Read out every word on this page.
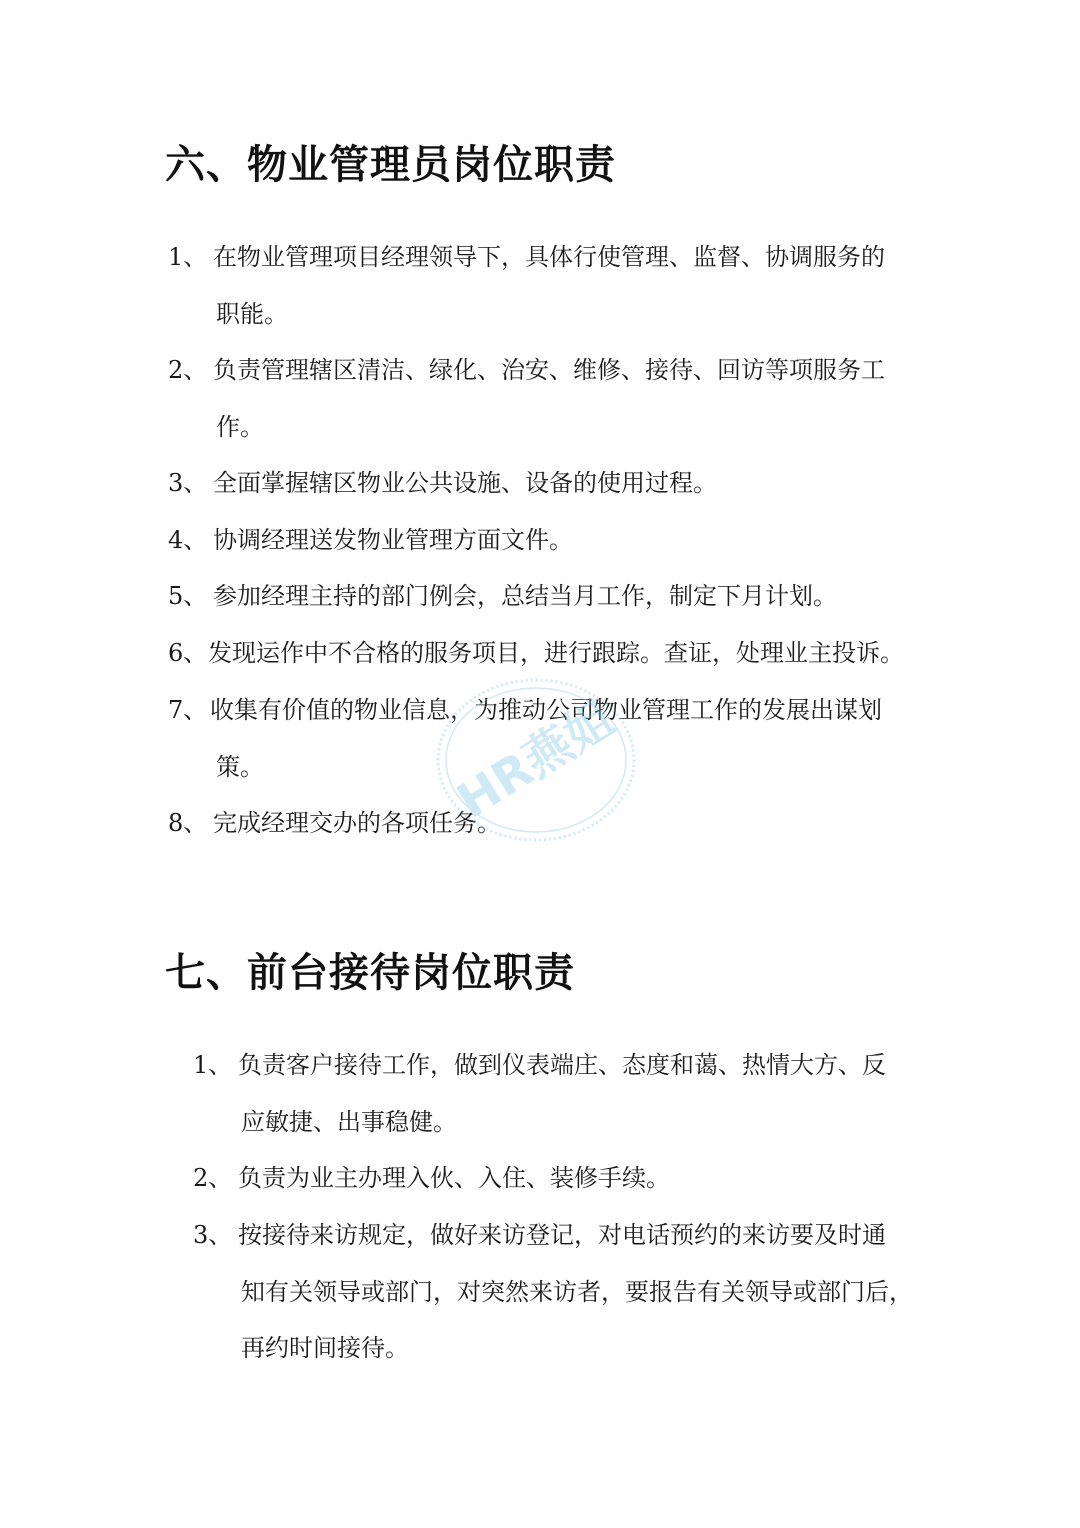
六、物业管理员岗位职责
1、 在物业管理项目经理领导下，具体行使管理、监督、协调服务的
职能。
2、 负责管理辖区清洁、绿化、治安、维修、接待、回访等项服务工
作。
3、 全面掌握辖区物业公共设施、设备的使用过程。
4、 协调经理送发物业管理方面文件。
5、 参加经理主持的部门例会，总结当月工作，制定下月计划。
6、 发现运作中不合格的服务项目，进行跟踪。查证，处理业主投诉。
7、 收集有价值的物业信息，为推动公司物业管理工作的发展出谋划
策。
8、 完成经理交办的各项任务。
七、前台接待岗位职责
1、 负责客户接待工作，做到仪表端庄、态度和蔼、热情大方、反
应敏捷、出事稳健。
2、 负责为业主办理入伙、入住、装修手续。
3、 按接待来访规定，做好来访登记，对电话预约的来访要及时通
知有关领导或部门，对突然来访者，要报告有关领导或部门后，
再约时间接待。
HR燕姐
